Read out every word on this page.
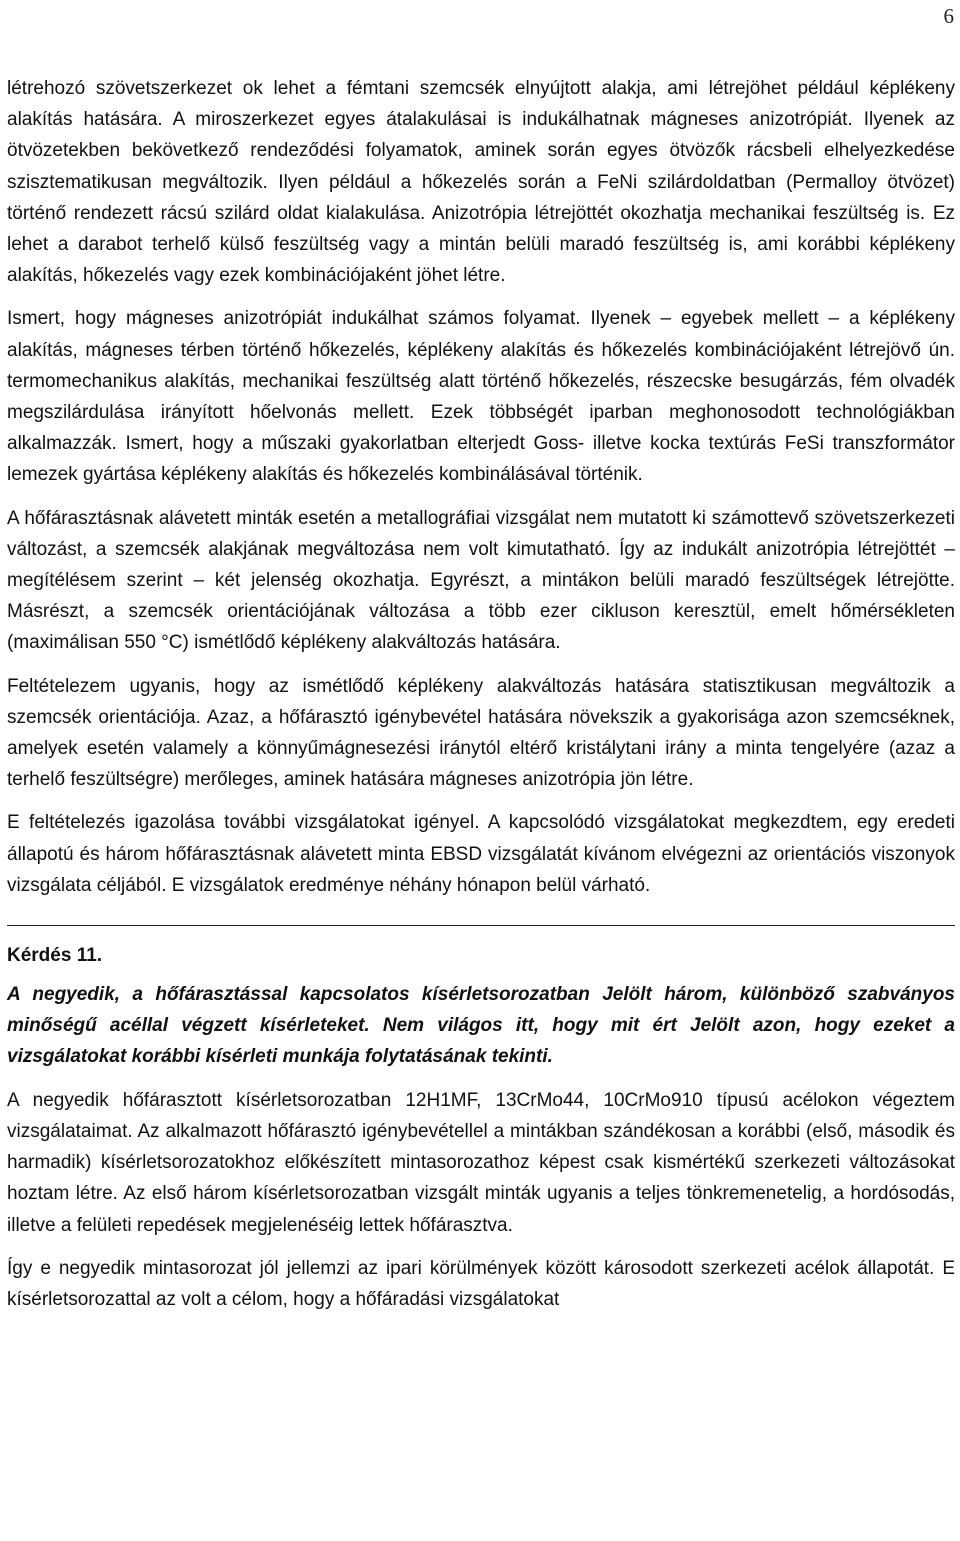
6

létrehozó szövetszerkezet ok lehet a fémtani szemcsék elnyújtott alakja, ami létrejöhet például képlékeny alakítás hatására. A miroszerkezet egyes átalakulásai is indukálhatnak mágneses anizotrópiát. Ilyenek az ötvözetekben bekövetkező rendeződési folyamatok, aminek során egyes ötvözők rácsbeli elhelyezkedése szisztematikusan megváltozik. Ilyen például a hőkezelés során a FeNi szilárdoldatban (Permalloy ötvözet) történő rendezett rácsú szilárd oldat kialakulása. Anizotrópia létrejöttét okozhatja mechanikai feszültség is. Ez lehet a darabot terhelő külső feszültség vagy a mintán belüli maradó feszültség is, ami korábbi képlékeny alakítás, hőkezelés vagy ezek kombinációjaként jöhet létre.

Ismert, hogy mágneses anizotrópiát indukálhat számos folyamat. Ilyenek – egyebek mellett – a képlékeny alakítás, mágneses térben történő hőkezelés, képlékeny alakítás és hőkezelés kombinációjaként létrejövő ún. termomechanikus alakítás, mechanikai feszültség alatt történő hőkezelés, részecske besugárzás, fém olvadék megszilárdulása irányított hőelvonás mellett. Ezek többségét iparban meghonosodott technológiákban alkalmazzák. Ismert, hogy a műszaki gyakorlatban elterjedt Goss- illetve kocka textúrás FeSi transzformátor lemezek gyártása képlékeny alakítás és hőkezelés kombinálásával történik.

A hőfárasztásnak alávetett minták esetén a metallográfiai vizsgálat nem mutatott ki számottevő szövetszerkezeti változást, a szemcsék alakjának megváltozása nem volt kimutatható. Így az indukált anizotrópia létrejöttét – megítélésem szerint – két jelenség okozhatja. Egyrészt, a mintákon belüli maradó feszültségek létrejötte. Másrészt, a szemcsék orientációjának változása a több ezer cikluson keresztül, emelt hőmérsékleten (maximálisan 550 °C) ismétlődő képlékeny alakváltozás hatására.

Feltételezem ugyanis, hogy az ismétlődő képlékeny alakváltozás hatására statisztikusan megváltozik a szemcsék orientációja. Azaz, a hőfárasztó igénybevétel hatására növekszik a gyakorisága azon szemcséknek, amelyek esetén valamely a könnyűmágnesezési iránytól eltérő kristálytani irány a minta tengelyére (azaz a terhelő feszültségre) merőleges, aminek hatására mágneses anizotrópia jön létre.

E feltételezés igazolása további vizsgálatokat igényel. A kapcsolódó vizsgálatokat megkezdtem, egy eredeti állapotú és három hőfárasztásnak alávetett minta EBSD vizsgálatát kívánom elvégezni az orientációs viszonyok vizsgálata céljából. E vizsgálatok eredménye néhány hónapon belül várható.

Kérdés 11.

A negyedik, a hőfárasztással kapcsolatos kísérletsorozatban Jelölt három, különböző szabványos minőségű acéllal végzett kísérleteket. Nem világos itt, hogy mit ért Jelölt azon, hogy ezeket a vizsgálatokat korábbi kísérleti munkája folytatásának tekinti.

A negyedik hőfárasztott kísérletsorozatban 12H1MF, 13CrMo44, 10CrMo910 típusú acélokon végeztem vizsgálataimat. Az alkalmazott hőfárasztó igénybevétellel a mintákban szándékosan a korábbi (első, második és harmadik) kísérletsorozatokhoz előkészített mintasorozathoz képest csak kismértékű szerkezeti változásokat hoztam létre. Az első három kísérletsorozatban vizsgált minták ugyanis a teljes tönkremenetelig, a hordósodás, illetve a felületi repedések megjelenéséig lettek hőfárasztva.

Így e negyedik mintasorozat jól jellemzi az ipari körülmények között károsodott szerkezeti acélok állapotát. E kísérletsorozattal az volt a célom, hogy a hőfáradási vizsgálatokat
